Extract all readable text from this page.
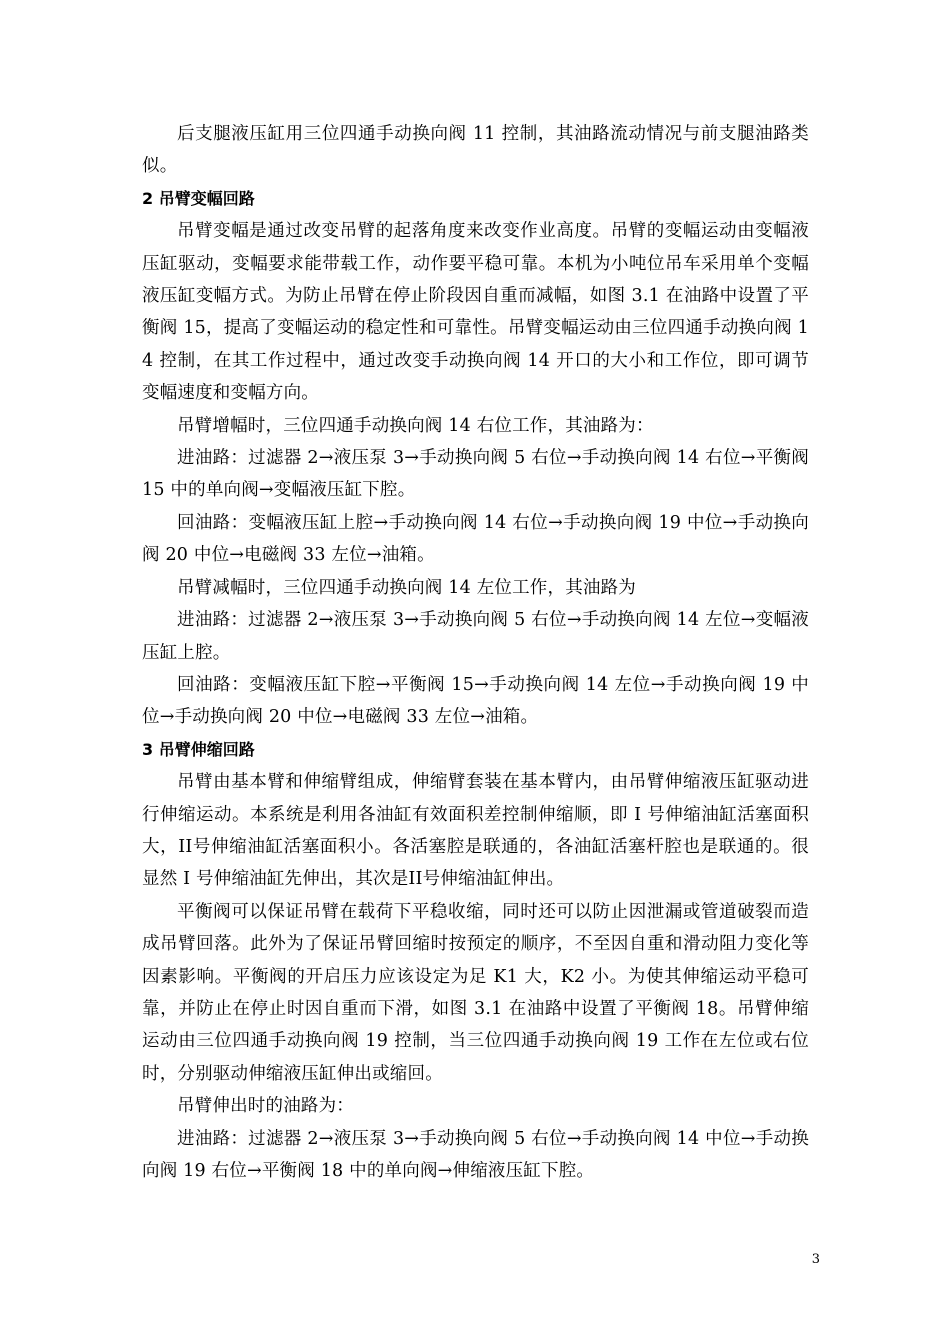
后支腿液压缸用三位四通手动换向阀 11 控制，其油路流动情况与前支腿油路类似。

2 吊臂变幅回路

吊臂变幅是通过改变吊臂的起落角度来改变作业高度。吊臂的变幅运动由变幅液压缸驱动，变幅要求能带载工作，动作要平稳可靠。本机为小吨位吊车采用单个变幅液压缸变幅方式。为防止吊臂在停止阶段因自重而减幅，如图 3.1 在油路中设置了平衡阀 15，提高了变幅运动的稳定性和可靠性。吊臂变幅运动由三位四通手动换向阀 14 控制，在其工作过程中，通过改变手动换向阀 14 开口的大小和工作位，即可调节变幅速度和变幅方向。

吊臂增幅时，三位四通手动换向阀 14 右位工作，其油路为：

进油路：过滤器 2→液压泵 3→手动换向阀 5 右位→手动换向阀 14 右位→平衡阀 15 中的单向阀→变幅液压缸下腔。

回油路：变幅液压缸上腔→手动换向阀 14 右位→手动换向阀 19 中位→手动换向阀 20 中位→电磁阀 33 左位→油箱。

吊臂减幅时，三位四通手动换向阀 14 左位工作，其油路为

进油路：过滤器 2→液压泵 3→手动换向阀 5 右位→手动换向阀 14 左位→变幅液压缸上腔。

回油路：变幅液压缸下腔→平衡阀 15→手动换向阀 14 左位→手动换向阀 19 中位→手动换向阀 20 中位→电磁阀 33 左位→油箱。

3 吊臂伸缩回路

吊臂由基本臂和伸缩臂组成，伸缩臂套装在基本臂内，由吊臂伸缩液压缸驱动进行伸缩运动。本系统是利用各油缸有效面积差控制伸缩顺，即 I 号伸缩油缸活塞面积大，II号伸缩油缸活塞面积小。各活塞腔是联通的，各油缸活塞杆腔也是联通的。很显然 I 号伸缩油缸先伸出，其次是II号伸缩油缸伸出。

平衡阀可以保证吊臂在载荷下平稳收缩，同时还可以防止因泄漏或管道破裂而造成吊臂回落。此外为了保证吊臂回缩时按预定的顺序，不至因自重和滑动阻力变化等因素影响。平衡阀的开启压力应该设定为足 K1 大，K2 小。为使其伸缩运动平稳可靠，并防止在停止时因自重而下滑，如图 3.1 在油路中设置了平衡阀 18。吊臂伸缩运动由三位四通手动换向阀 19 控制，当三位四通手动换向阀 19 工作在左位或右位时，分别驱动伸缩液压缸伸出或缩回。

吊臂伸出时的油路为：

进油路：过滤器 2→液压泵 3→手动换向阀 5 右位→手动换向阀 14 中位→手动换向阀 19 右位→平衡阀 18 中的单向阀→伸缩液压缸下腔。

3
